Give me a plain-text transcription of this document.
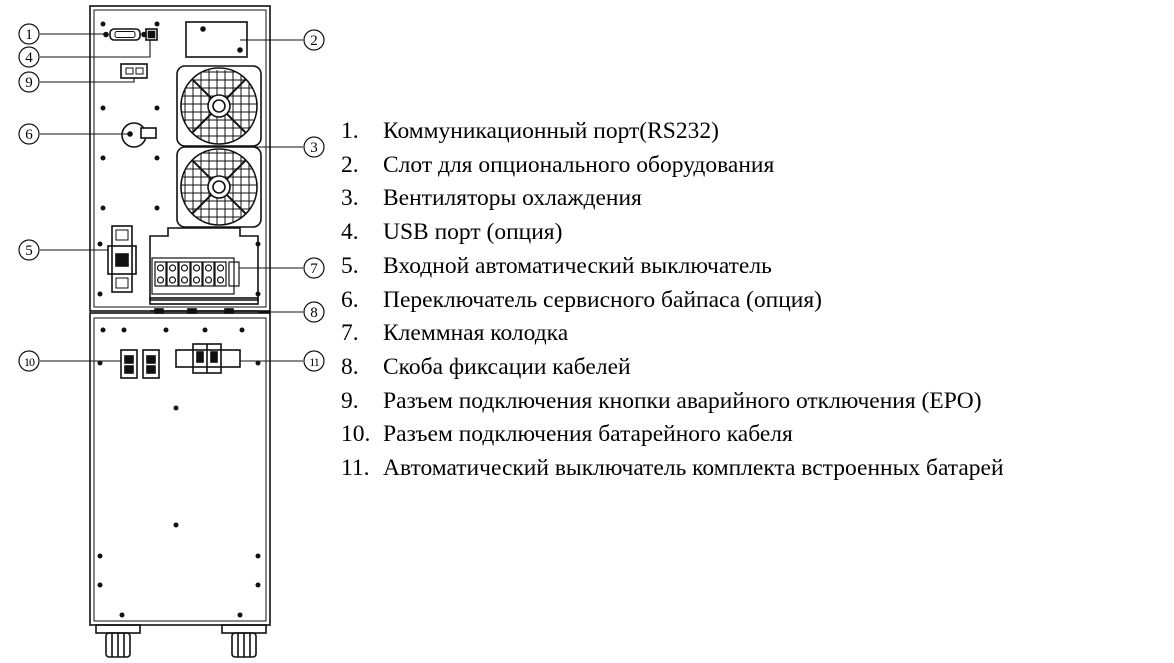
1	2
3
4
5
6
7
8
9
10	11
1.	Коммуникационный порт(RS232)
2.	Слот для опционального оборудования
3.	Вентиляторы охлаждения
4.	USB порт (опция)
5.	Входной автоматический выключатель
6.	Переключатель сервисного байпаса (опция)
7.	Клеммная колодка
8.	Скоба фиксации кабелей
9.	Разъем подключения кнопки аварийного отключения (EPO)
10. Разъем подключения батарейного кабеля
11. Автоматический выключатель комплекта встроенных батарей
